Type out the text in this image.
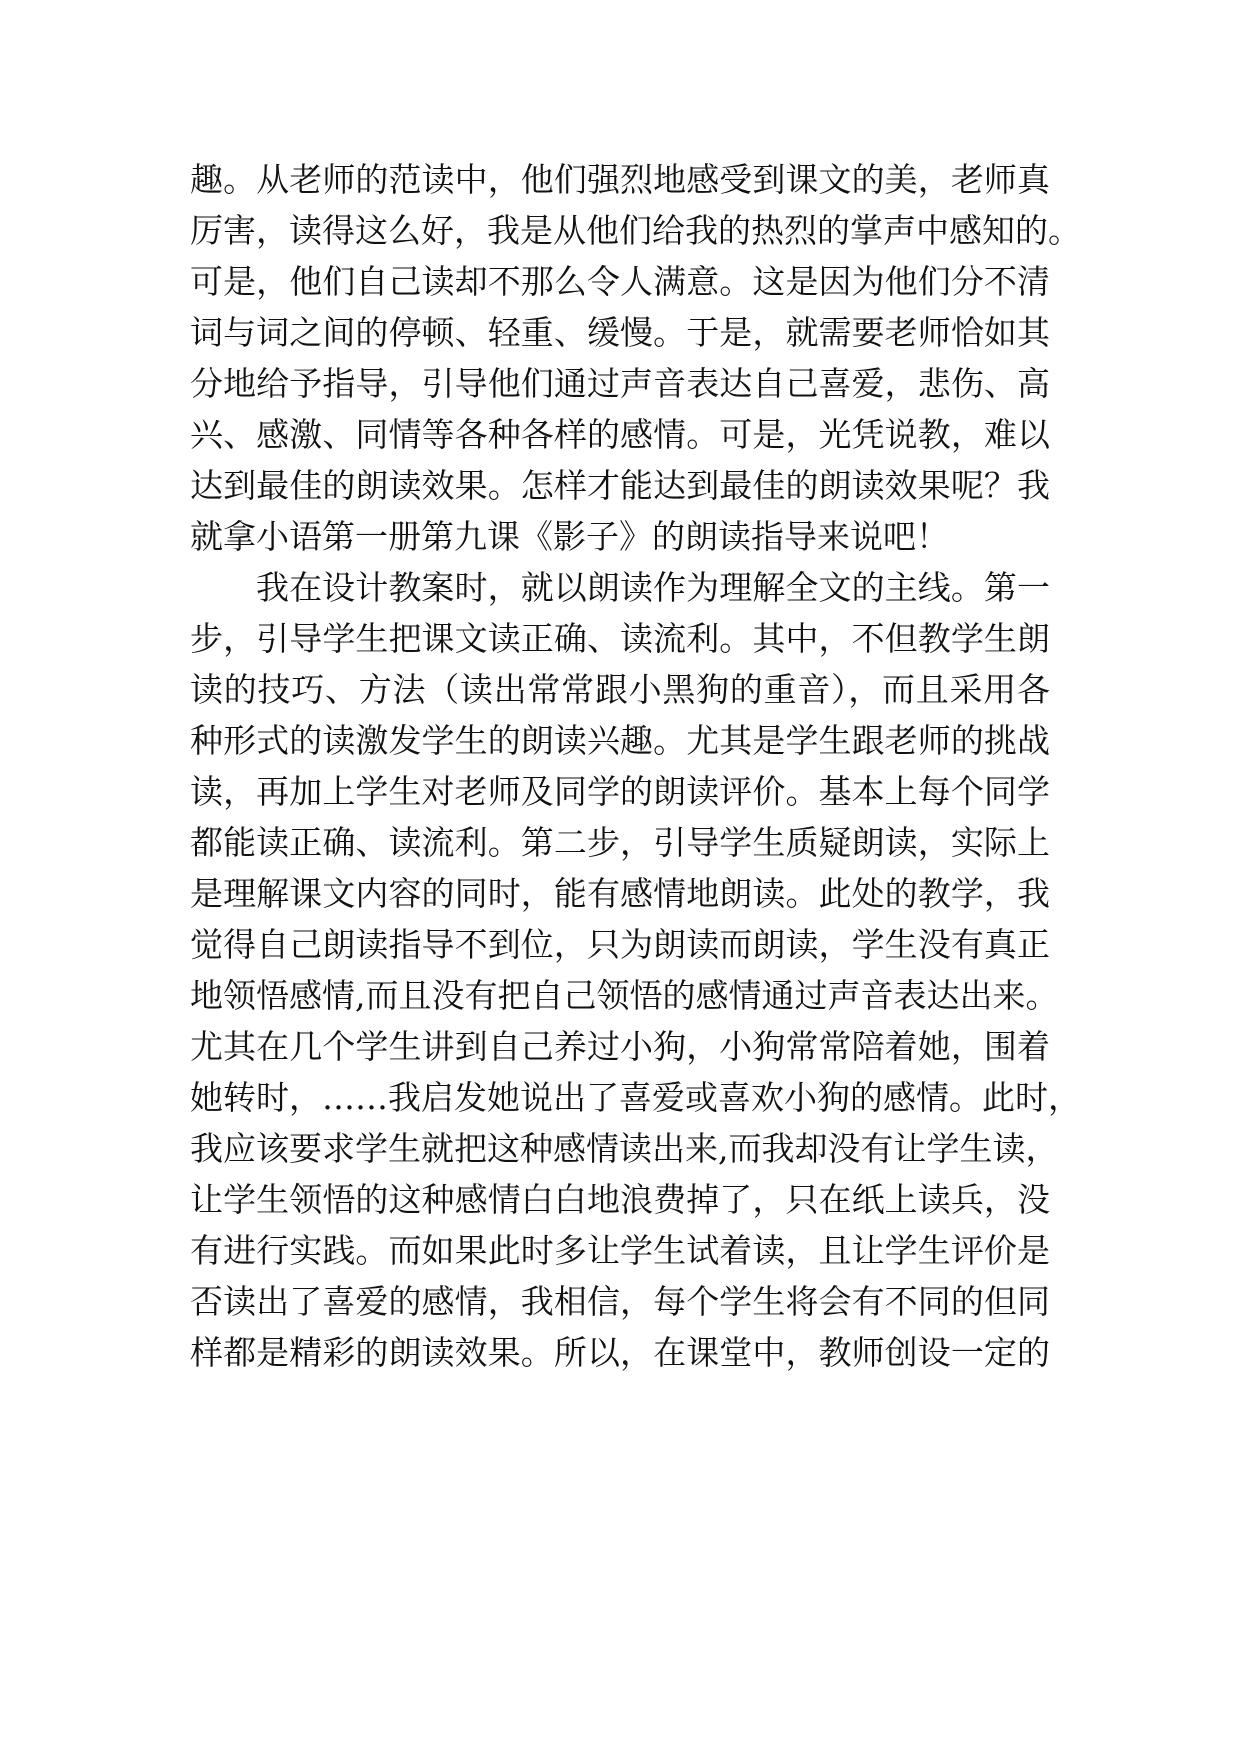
趣。从老师的范读中，他们强烈地感受到课文的美，老师真
厉害，读得这么好，我是从他们给我的热烈的掌声中感知的。
可是，他们自己读却不那么令人满意。这是因为他们分不清
词与词之间的停顿、轻重、缓慢。于是，就需要老师恰如其
分地给予指导，引导他们通过声音表达自己喜爱，悲伤、高
兴、感激、同情等各种各样的感情。可是，光凭说教，难以
达到最佳的朗读效果。怎样才能达到最佳的朗读效果呢？我
就拿小语第一册第九课《影子》的朗读指导来说吧！
我在设计教案时，就以朗读作为理解全文的主线。第一
步，引导学生把课文读正确、读流利。其中，不但教学生朗
读的技巧、方法（读出常常跟小黑狗的重音），而且采用各
种形式的读激发学生的朗读兴趣。尤其是学生跟老师的挑战
读，再加上学生对老师及同学的朗读评价。基本上每个同学
都能读正确、读流利。第二步，引导学生质疑朗读，实际上
是理解课文内容的同时，能有感情地朗读。此处的教学，我
觉得自己朗读指导不到位，只为朗读而朗读，学生没有真正
地领悟感情,而且没有把自己领悟的感情通过声音表达出来。
尤其在几个学生讲到自己养过小狗，小狗常常陪着她，围着
她转时，……我启发她说出了喜爱或喜欢小狗的感情。此时，
我应该要求学生就把这种感情读出来,而我却没有让学生读，
让学生领悟的这种感情白白地浪费掉了，只在纸上读兵，没
有进行实践。而如果此时多让学生试着读，且让学生评价是
否读出了喜爱的感情，我相信，每个学生将会有不同的但同
样都是精彩的朗读效果。所以，在课堂中，教师创设一定的
